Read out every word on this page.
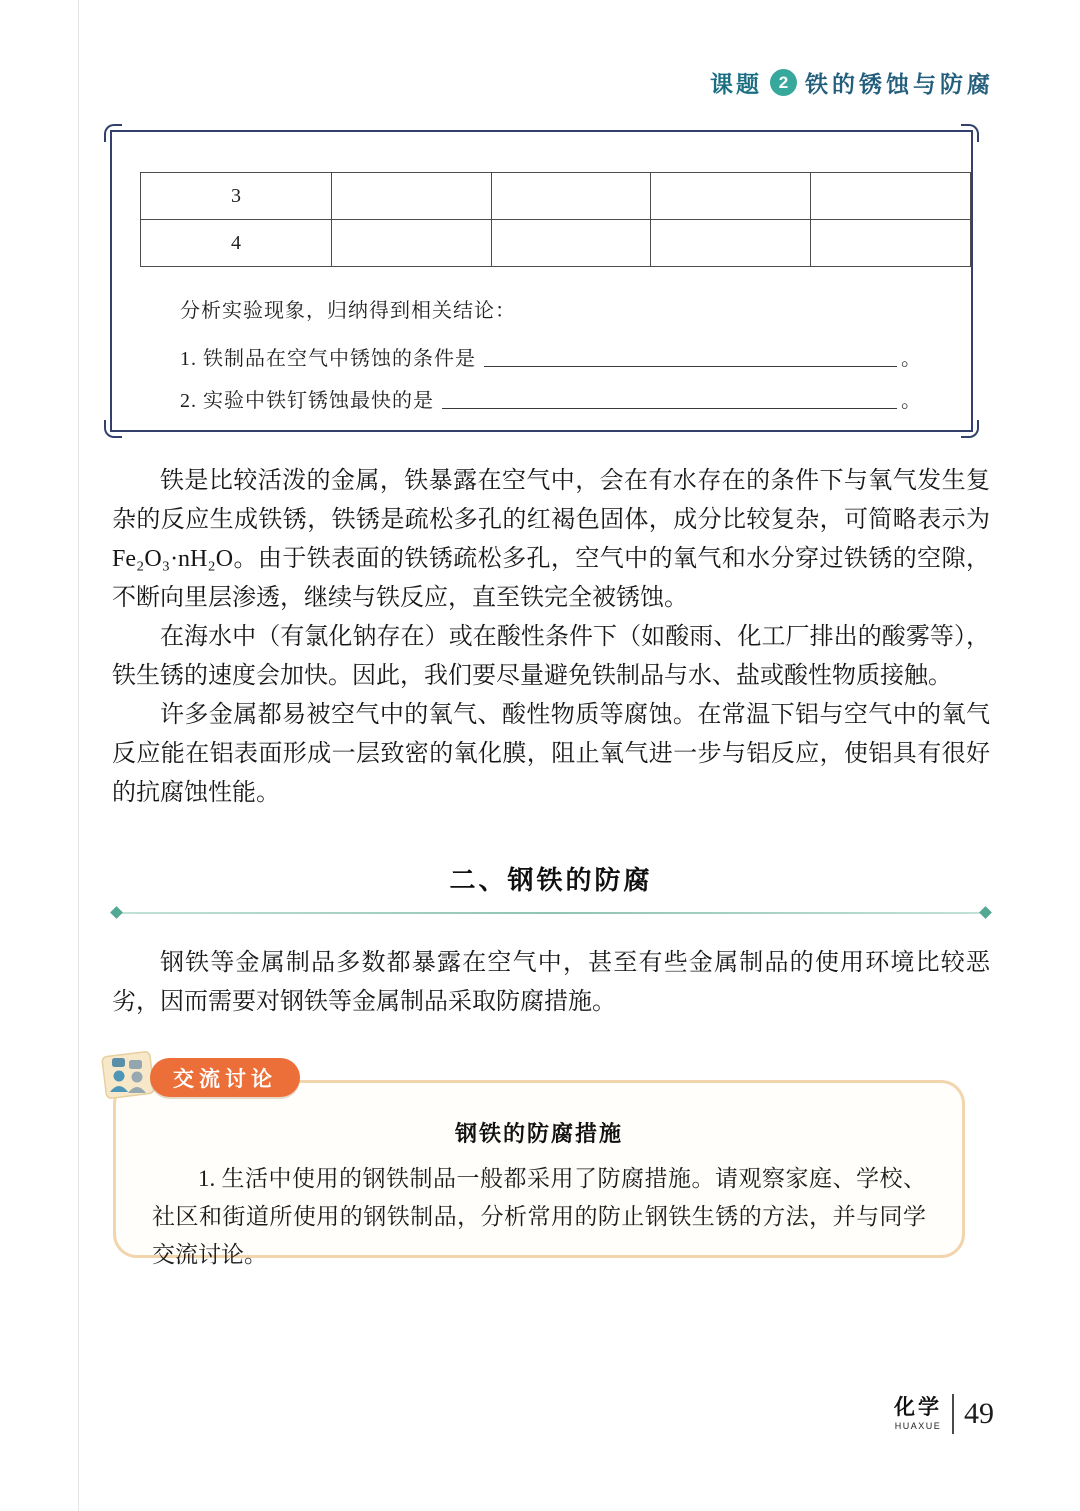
课题 2 铁的锈蚀与防腐
3				
4				
分析实验现象，归纳得到相关结论：
1. 铁制品在空气中锈蚀的条件是	。
2. 实验中铁钉锈蚀最快的是	。

铁是比较活泼的金属，铁暴露在空气中，会在有水存在的条件下与氧气发生复杂的反应生成铁锈，铁锈是疏松多孔的红褐色固体，成分比较复杂，可简略表示为Fe₂O₃·nH₂O。由于铁表面的铁锈疏松多孔，空气中的氧气和水分穿过铁锈的空隙，不断向里层渗透，继续与铁反应，直至铁完全被锈蚀。

在海水中（有氯化钠存在）或在酸性条件下（如酸雨、化工厂排出的酸雾等），铁生锈的速度会加快。因此，我们要尽量避免铁制品与水、盐或酸性物质接触。

许多金属都易被空气中的氧气、酸性物质等腐蚀。在常温下铝与空气中的氧气反应能在铝表面形成一层致密的氧化膜，阻止氧气进一步与铝反应，使铝具有很好的抗腐蚀性能。

二、钢铁的防腐
钢铁等金属制品多数都暴露在空气中，甚至有些金属制品的使用环境比较恶劣，因而需要对钢铁等金属制品采取防腐措施。
交流讨论
钢铁的防腐措施
1. 生活中使用的钢铁制品一般都采用了防腐措施。请观察家庭、学校、社区和街道所使用的钢铁制品，分析常用的防止钢铁生锈的方法，并与同学交流讨论。
化学
HUAXUE 49
